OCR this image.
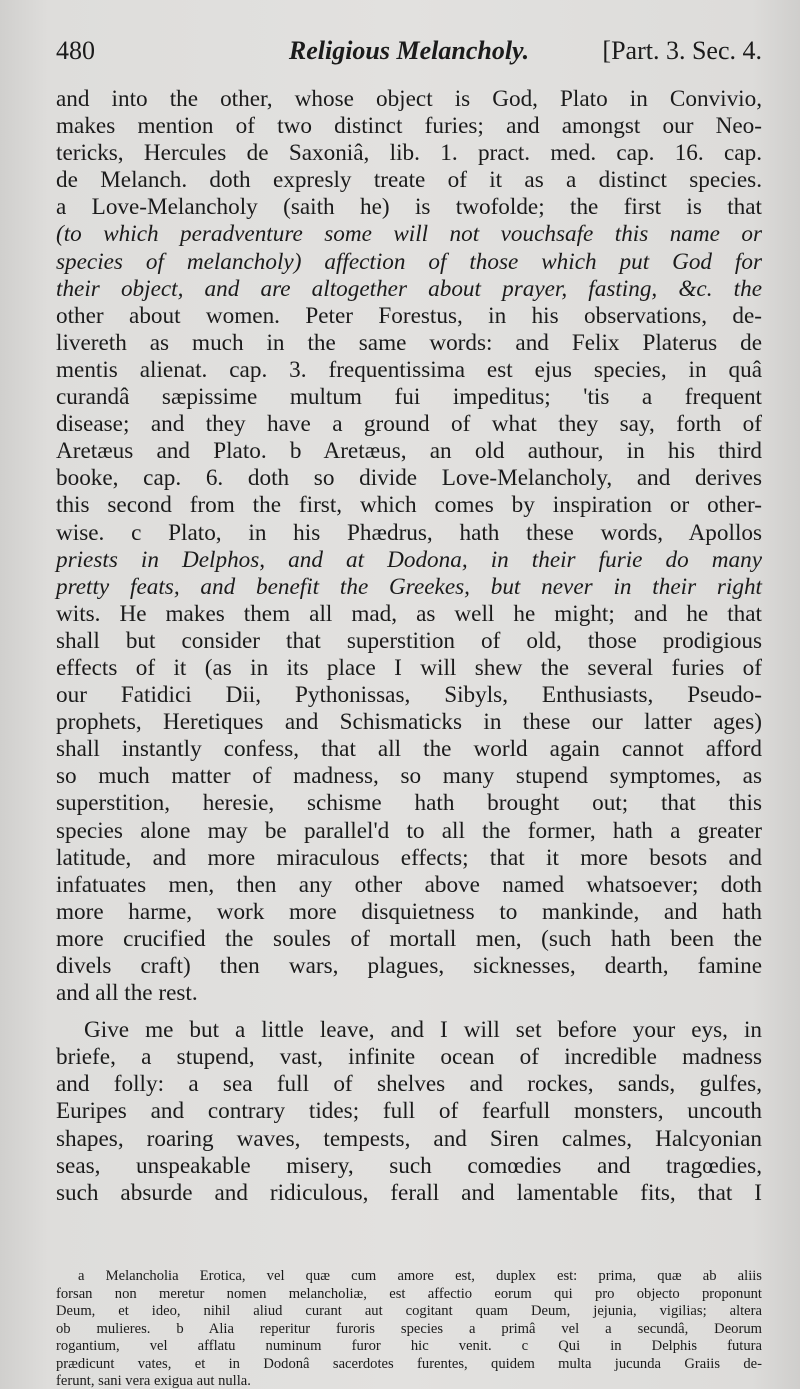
480	Religious Melancholy.	[Part. 3. Sec. 4.
and into the other, whose object is God, Plato in Convivio,
makes mention of two distinct furies; and amongst our Neo-
tericks, Hercules de Saxoniâ, lib. 1. pract. med. cap. 16. cap.
de Melanch. doth expresly treate of it as a distinct species.
a Love-Melancholy (saith he) is twofolde; the first is that
(to which peradventure some will not vouchsafe this name or
species of melancholy) affection of those which put God for
their object, and are altogether about prayer, fasting, &c. the
other about women. Peter Forestus, in his observations, de-
livereth as much in the same words: and Felix Platerus de
mentis alienat. cap. 3. frequentissima est ejus species, in quâ
curandâ sæpissime multum fui impeditus; 'tis a frequent
disease; and they have a ground of what they say, forth of
Aretæus and Plato. b Aretæus, an old authour, in his third
booke, cap. 6. doth so divide Love-Melancholy, and derives
this second from the first, which comes by inspiration or other-
wise. c Plato, in his Phædrus, hath these words, Apollos
priests in Delphos, and at Dodona, in their furie do many
pretty feats, and benefit the Greekes, but never in their right
wits. He makes them all mad, as well he might; and he that
shall but consider that superstition of old, those prodigious
effects of it (as in its place I will shew the several furies of
our Fatidici Dii, Pythonissas, Sibyls, Enthusiasts, Pseudo-
prophets, Heretiques and Schismaticks in these our latter ages)
shall instantly confess, that all the world again cannot afford
so much matter of madness, so many stupend symptomes, as
superstition, heresie, schisme hath brought out; that this
species alone may be parallel'd to all the former, hath a greater
latitude, and more miraculous effects; that it more besots and
infatuates men, then any other above named whatsoever; doth
more harme, work more disquietness to mankinde, and hath
more crucified the soules of mortall men, (such hath been the
divels craft) then wars, plagues, sicknesses, dearth, famine
and all the rest.
Give me but a little leave, and I will set before your eys, in
briefe, a stupend, vast, infinite ocean of incredible madness
and folly: a sea full of shelves and rockes, sands, gulfes,
Euripes and contrary tides; full of fearfull monsters, uncouth
shapes, roaring waves, tempests, and Siren calmes, Halcyonian
seas, unspeakable misery, such comœdies and tragœdies,
such absurde and ridiculous, ferall and lamentable fits, that I
a Melancholia Erotica, vel quæ cum amore est, duplex est: prima, quæ ab aliis
forsan non meretur nomen melancholiæ, est affectio eorum qui pro objecto proponunt
Deum, et ideo, nihil aliud curant aut cogitant quam Deum, jejunia, vigilias; altera
ob mulieres. b Alia reperitur furoris species a primâ vel a secundâ, Deorum
rogantium, vel afflatu numinum furor hic venit. c Qui in Delphis futura
prædicunt vates, et in Dodonâ sacerdotes furentes, quidem multa jucunda Graiis de-
ferunt, sani vera exigua aut nulla.
